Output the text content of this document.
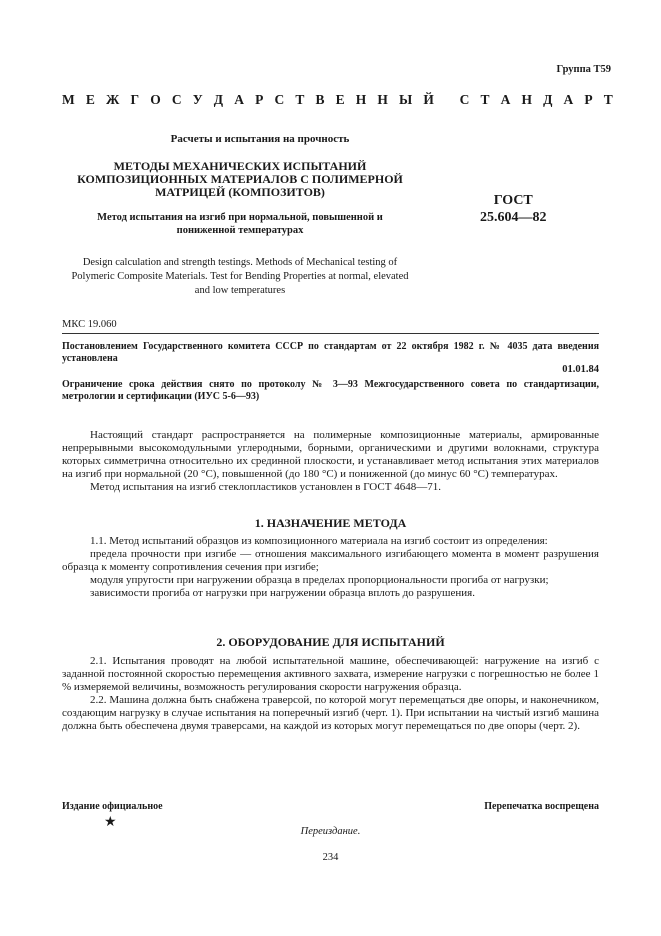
Группа Т59
М Е Ж Г О С У Д А Р С Т В Е Н Н Ы Й
С Т А Н Д А Р Т
Расчеты и испытания на прочность
МЕТОДЫ МЕХАНИЧЕСКИХ ИСПЫТАНИЙ КОМПОЗИЦИОННЫХ МАТЕРИАЛОВ С ПОЛИМЕРНОЙ МАТРИЦЕЙ (КОМПОЗИТОВ)
Метод испытания на изгиб при нормальной, повышенной и пониженной температурах
Design calculation and strength testings. Methods of Mechanical testing of Polymeric Composite Materials. Test for Bending Properties at normal, elevated and low temperatures
ГОСТ
25.604—82
МКС 19.060
Постановлением Государственного комитета СССР по стандартам от 22 октября 1982 г. № 4035 дата введения установлена
01.01.84
Ограничение срока действия снято по протоколу № 3—93 Межгосударственного совета по стандартизации, метрологии и сертификации (ИУС 5-6—93)

Настоящий стандарт распространяется на полимерные композиционные материалы, армированные непрерывными высокомодульными углеродными, борными, органическими и другими волокнами, структура которых симметрична относительно их срединной плоскости, и устанавливает метод испытания этих материалов на изгиб при нормальной (20 °С), повышенной (до 180 °С) и пониженной (до минус 60 °С) температурах.

Метод испытания на изгиб стеклопластиков установлен в ГОСТ 4648—71.

1. НАЗНАЧЕНИЕ МЕТОДА

1.1. Метод испытаний образцов из композиционного материала на изгиб состоит из определения:

предела прочности при изгибе — отношения максимального изгибающего момента в момент разрушения образца к моменту сопротивления сечения при изгибе;

модуля упругости при нагружении образца в пределах пропорциональности прогиба от нагрузки;

зависимости прогиба от нагрузки при нагружении образца вплоть до разрушения.

2. ОБОРУДОВАНИЕ ДЛЯ ИСПЫТАНИЙ

2.1. Испытания проводят на любой испытательной машине, обеспечивающей: нагружение на изгиб с заданной постоянной скоростью перемещения активного захвата, измерение нагрузки с погрешностью не более 1 % измеряемой величины, возможность регулирования скорости нагружения образца.

2.2. Машина должна быть снабжена траверсой, по которой могут перемещаться две опоры, и наконечником, создающим нагрузку в случае испытания на поперечный изгиб (черт. 1). При испытании на чистый изгиб машина должна быть обеспечена двумя траверсами, на каждой из которых могут перемещаться по две опоры (черт. 2).

Издание официальное	Перепечатка воспрещена
★
Переиздание.
234
